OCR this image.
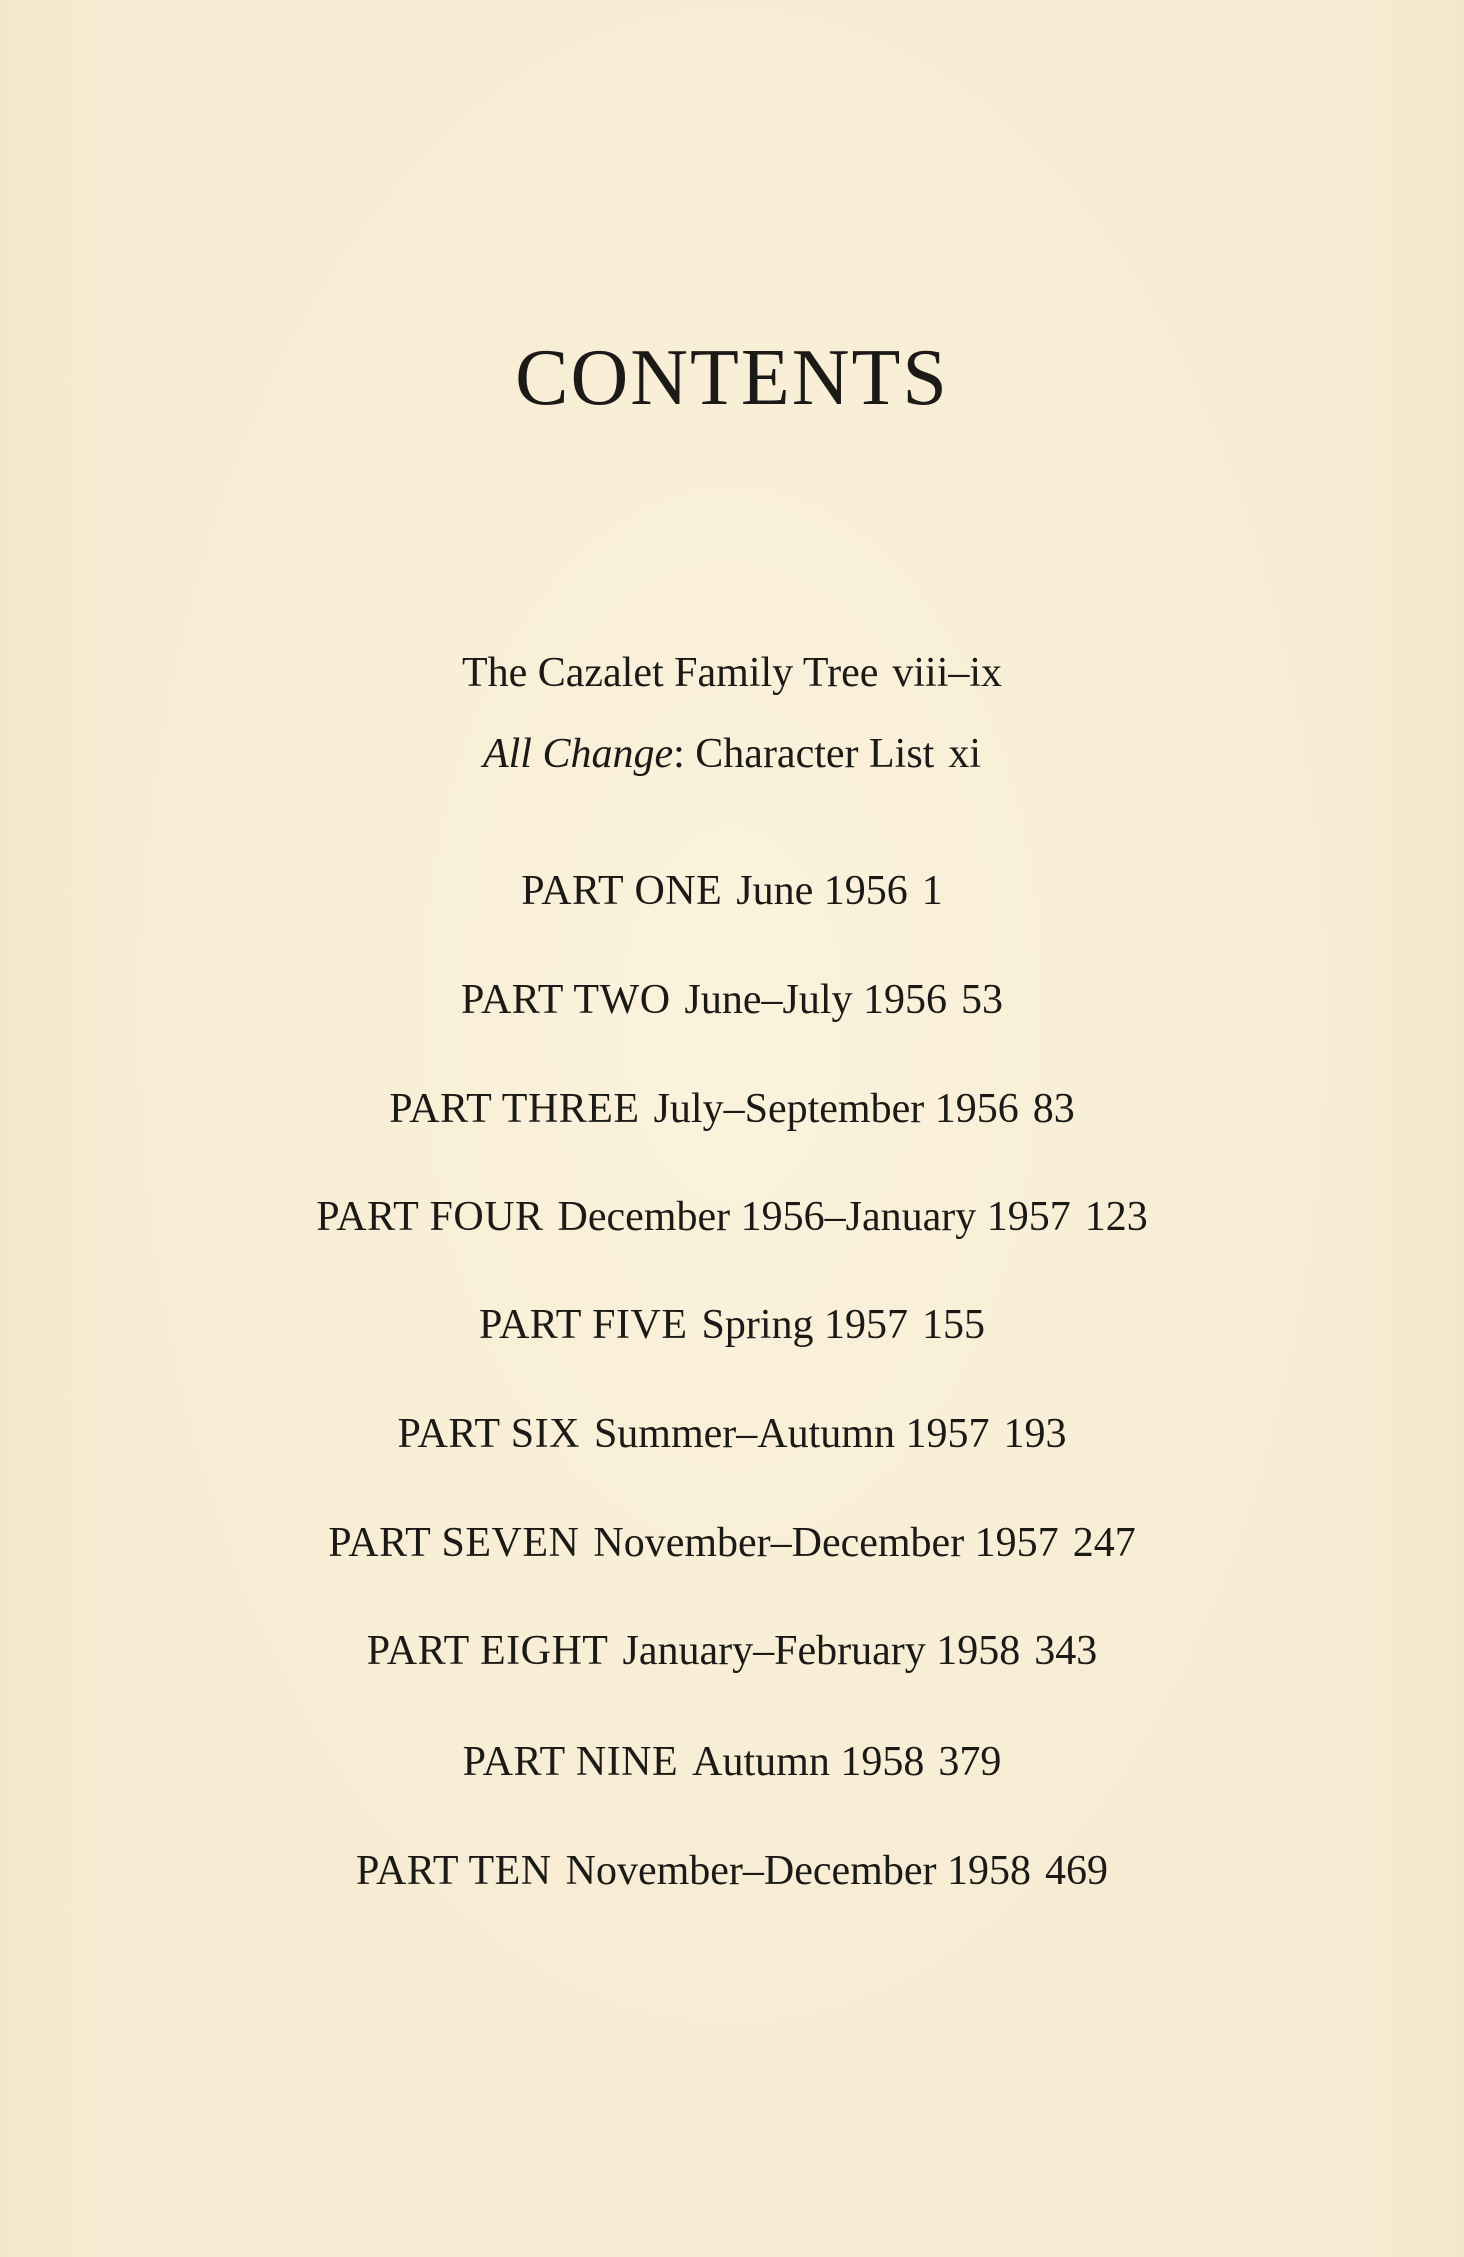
CONTENTS
The Cazalet Family Tree viii–ix
All Change: Character List xi
PART ONE June 1956 1
PART TWO June–July 1956 53
PART THREE July–September 1956 83
PART FOUR December 1956–January 1957 123
PART FIVE Spring 1957 155
PART SIX Summer–Autumn 1957 193
PART SEVEN November–December 1957 247
PART EIGHT January–February 1958 343
PART NINE Autumn 1958 379
PART TEN November–December 1958 469
